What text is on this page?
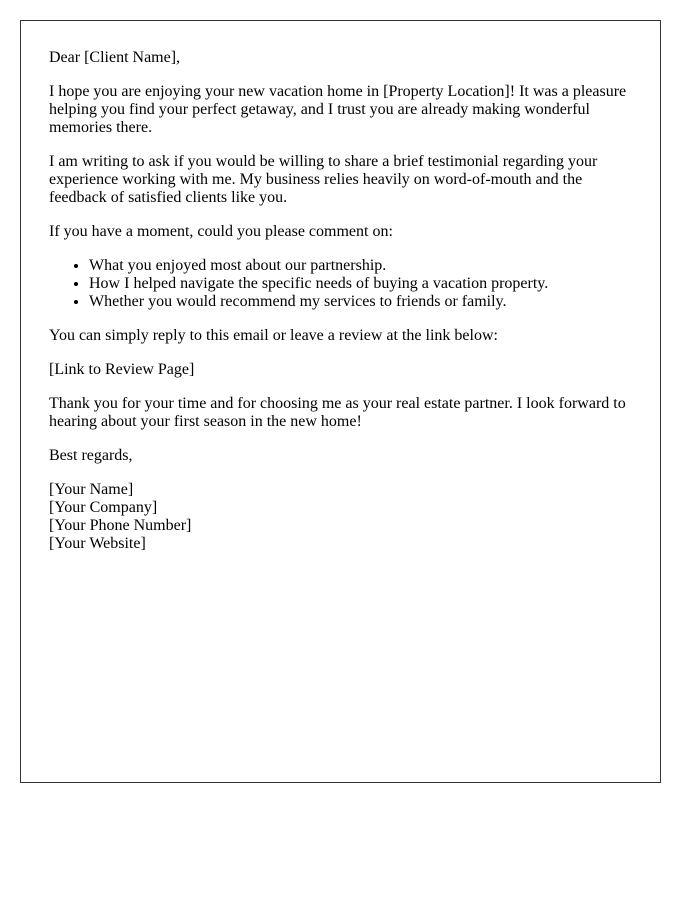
Dear [Client Name],

I hope you are enjoying your new vacation home in [Property Location]! It was a pleasure helping you find your perfect getaway, and I trust you are already making wonderful memories there.

I am writing to ask if you would be willing to share a brief testimonial regarding your experience working with me. My business relies heavily on word-of-mouth and the feedback of satisfied clients like you.

If you have a moment, could you please comment on:

• What you enjoyed most about our partnership.
• How I helped navigate the specific needs of buying a vacation property.
• Whether you would recommend my services to friends or family.

You can simply reply to this email or leave a review at the link below:

[Link to Review Page]

Thank you for your time and for choosing me as your real estate partner. I look forward to hearing about your first season in the new home!

Best regards,

[Your Name]
[Your Company]
[Your Phone Number]
[Your Website]
